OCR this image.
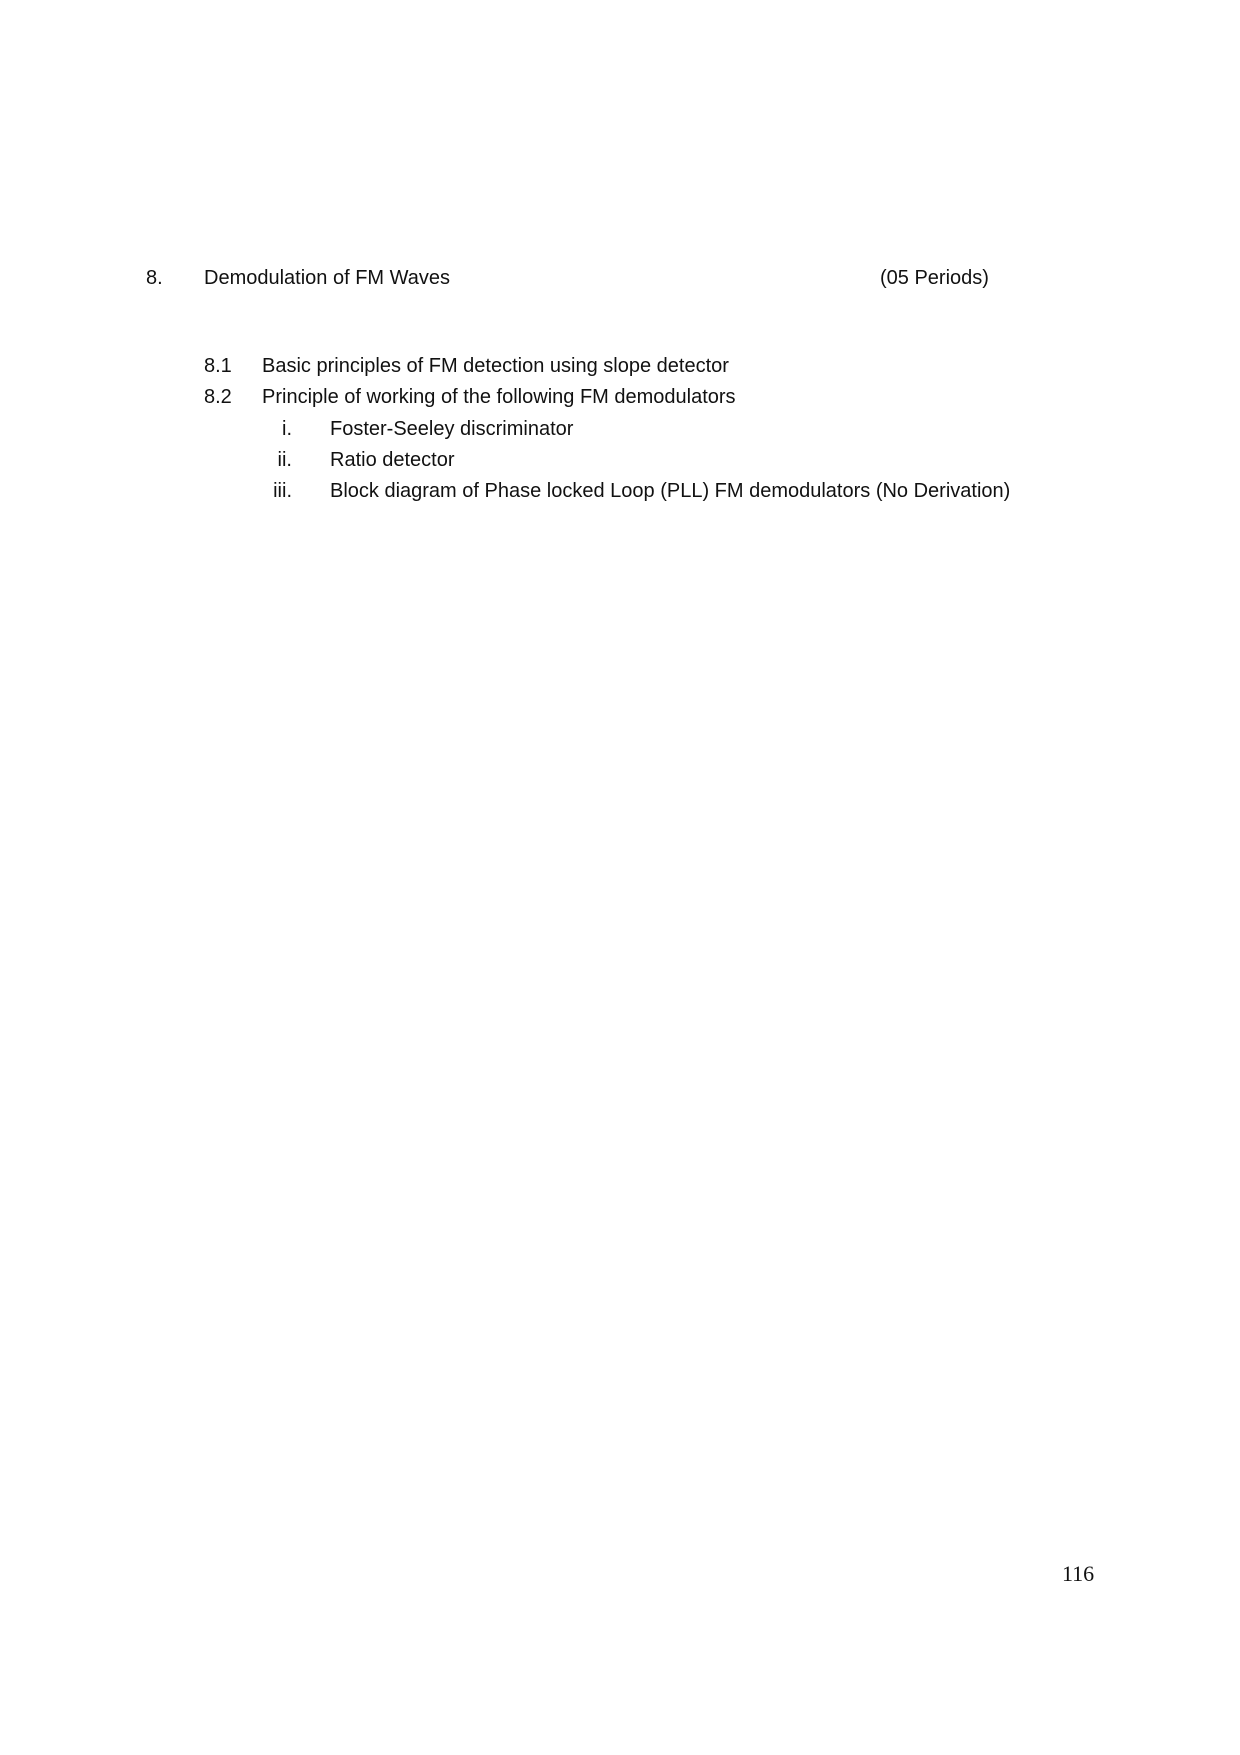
8. Demodulation of FM Waves	(05 Periods)
8.1 Basic principles of FM detection using slope detector
8.2 Principle of working of the following FM demodulators
i. Foster-Seeley discriminator
ii. Ratio detector
iii. Block diagram of Phase locked Loop (PLL) FM demodulators (No Derivation)
116
